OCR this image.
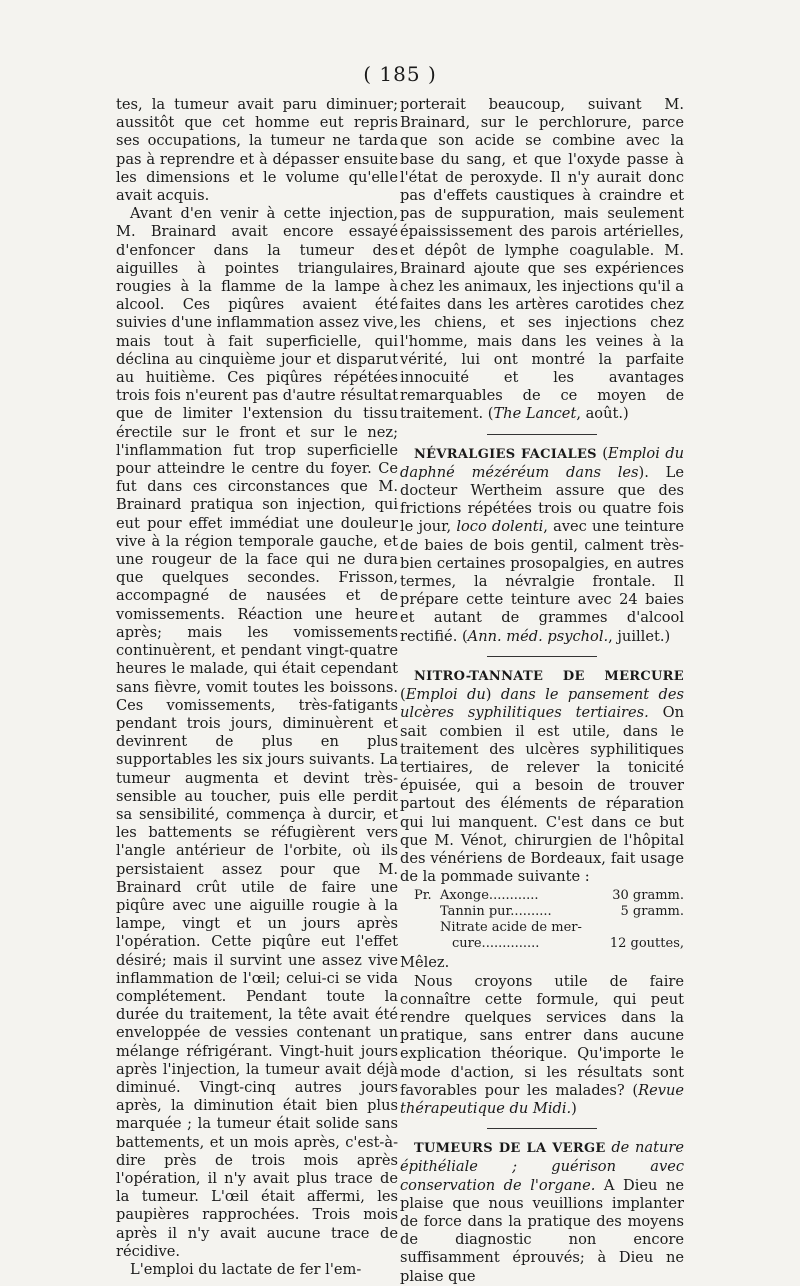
( 185 )

tes, la tumeur avait paru diminuer; aussitôt que cet homme eut repris ses occupations, la tumeur ne tarda pas à reprendre et à dépasser ensuite les dimensions et le volume qu'elle avait acquis.

Avant d'en venir à cette injection, M. Brainard avait encore essayé d'enfoncer dans la tumeur des aiguilles à pointes triangulaires, rougies à la flamme de la lampe à alcool. Ces piqûres avaient été suivies d'une inflammation assez vive, mais tout à fait superficielle, qui déclina au cinquième jour et disparut au huitième. Ces piqûres répétées trois fois n'eurent pas d'autre résultat que de limiter l'extension du tissu érectile sur le front et sur le nez; l'inflammation fut trop superficielle pour atteindre le centre du foyer. Ce fut dans ces circonstances que M. Brainard pratiqua son injection, qui eut pour effet immédiat une douleur vive à la région temporale gauche, et une rougeur de la face qui ne dura que quelques secondes. Frisson, accompagné de nausées et de vomissements. Réaction une heure après; mais les vomissements continuèrent, et pendant vingt-quatre heures le malade, qui était cependant sans fièvre, vomit toutes les boissons. Ces vomissements, très-fatigants pendant trois jours, diminuèrent et devinrent de plus en plus supportables les six jours suivants. La tumeur augmenta et devint très-sensible au toucher, puis elle perdit sa sensibilité, commença à durcir, et les battements se réfugièrent vers l'angle antérieur de l'orbite, où ils persistaient assez pour que M. Brainard crût utile de faire une piqûre avec une aiguille rougie à la lampe, vingt et un jours après l'opération. Cette piqûre eut l'effet désiré; mais il survint une assez vive inflammation de l'œil; celui-ci se vida complétement. Pendant toute la durée du traitement, la tête avait été enveloppée de vessies contenant un mélange réfrigérant. Vingt-huit jours après l'injection, la tumeur avait déjà diminué. Vingt-cinq autres jours après, la diminution était bien plus marquée ; la tumeur était solide sans battements, et un mois après, c'est-à-dire près de trois mois après l'opération, il n'y avait plus trace de la tumeur. L'œil était affermi, les paupières rapprochées. Trois mois après il n'y avait aucune trace de récidive.

L'emploi du lactate de fer l'em-

porterait beaucoup, suivant M. Brainard, sur le perchlorure, parce que son acide se combine avec la base du sang, et que l'oxyde passe à l'état de peroxyde. Il n'y aurait donc pas d'effets caustiques à craindre et pas de suppuration, mais seulement épaississement des parois artérielles, et dépôt de lymphe coagulable. M. Brainard ajoute que ses expériences chez les animaux, les injections qu'il a faites dans les artères carotides chez les chiens, et ses injections chez l'homme, mais dans les veines à la vérité, lui ont montré la parfaite innocuité et les avantages remarquables de ce moyen de traitement. (The Lancet, août.)

NÉVRALGIES FACIALES (Emploi du daphné mézéréum dans les). Le docteur Wertheim assure que des frictions répétées trois ou quatre fois le jour, loco dolenti, avec une teinture de baies de bois gentil, calment très-bien certaines prosopalgies, en autres termes, la névralgie frontale. Il prépare cette teinture avec 24 baies et autant de grammes d'alcool rectifié. (Ann. méd. psychol., juillet.)

NITRO-TANNATE DE MERCURE (Emploi du) dans le pansement des ulcères syphilitiques tertiaires. On sait combien il est utile, dans le traitement des ulcères syphilitiques tertiaires, de relever la tonicité épuisée, qui a besoin de trouver partout des éléments de réparation qui lui manquent. C'est dans ce but que M. Vénot, chirurgien de l'hôpital des vénériens de Bordeaux, fait usage de la pommade suivante :

Pr.	Axonge............	30 gramm.
	Tannin pur..........	5 gramm.
	Nitrate acide de mer-	
	cure..............	12 gouttes,

Mêlez.

Nous croyons utile de faire connaître cette formule, qui peut rendre quelques services dans la pratique, sans entrer dans aucune explication théorique. Qu'importe le mode d'action, si les résultats sont favorables pour les malades? (Revue thérapeutique du Midi.)

TUMEURS DE LA VERGE de nature épithéliale ; guérison avec conservation de l'organe. A Dieu ne plaise que nous veuillions implanter de force dans la pratique des moyens de diagnostic non encore suffisamment éprouvés; à Dieu ne plaise que
